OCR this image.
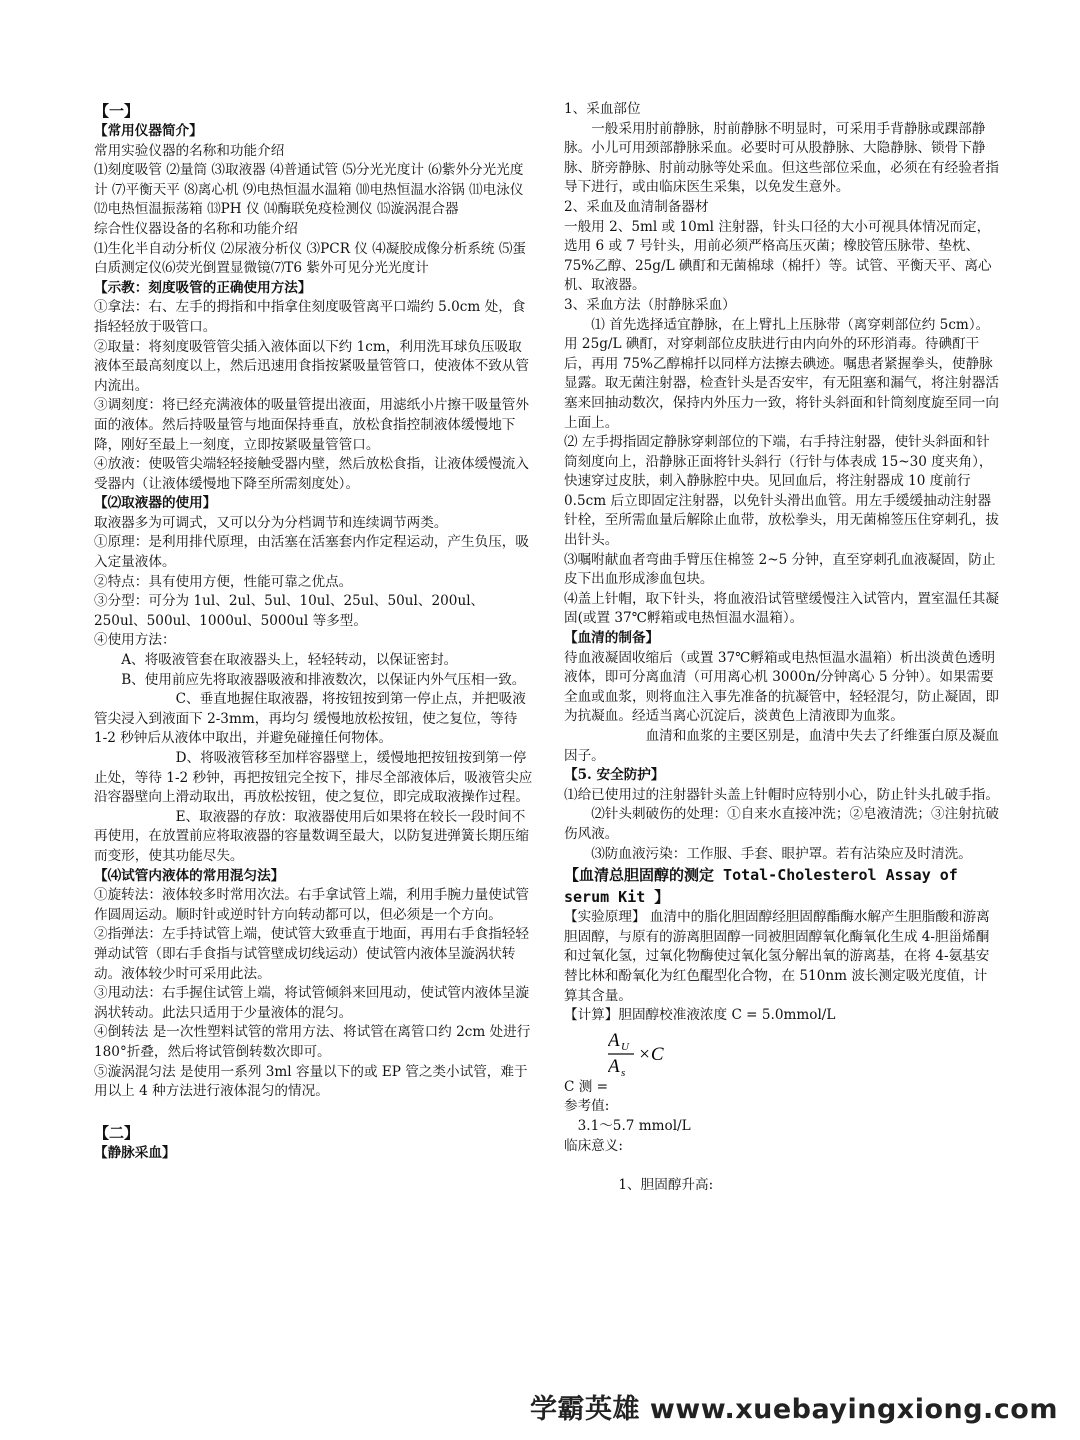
【一】

【常用仪器简介】

常用实验仪器的名称和功能介绍

⑴刻度吸管 ⑵量筒 ⑶取液器 ⑷普通试管 ⑸分光光度计 ⑹紫外分光光度计 ⑺平衡天平 ⑻离心机 ⑼电热恒温水温箱 ⑽电热恒温水浴锅 ⑾电泳仪 ⑿电热恒温振荡箱 ⒀PH 仪 ⒁酶联免疫检测仪 ⒂漩涡混合器

综合性仪器设备的名称和功能介绍

⑴生化半自动分析仪 ⑵尿液分析仪 ⑶PCR 仪 ⑷凝胶成像分析系统 ⑸蛋白质测定仪⑹荧光倒置显微镜⑺T6 紫外可见分光光度计

【示教：刻度吸管的正确使用方法】

①拿法：右、左手的拇指和中指拿住刻度吸管离平口端约 5.0cm 处，食指轻轻放于吸管口。

②取量：将刻度吸管管尖插入液体面以下约 1cm，利用洗耳球负压吸取液体至最高刻度以上，然后迅速用食指按紧吸量管管口，使液体不致从管内流出。

③调刻度：将已经充满液体的吸量管提出液面，用滤纸小片擦干吸量管外面的液体。然后持吸量管与地面保持垂直，放松食指控制液体缓慢地下降，刚好至最上一刻度，立即按紧吸量管管口。

④放液：使吸管尖端轻轻接触受器内壁，然后放松食指，让液体缓慢流入受器内（让液体缓慢地下降至所需刻度处）。

【⑵取液器的使用】

取液器多为可调式，又可以分为分档调节和连续调节两类。

①原理：是利用排代原理，由活塞在活塞套内作定程运动，产生负压，吸入定量液体。

②特点：具有使用方便，性能可靠之优点。

③分型：可分为 1ul、2ul、5ul、10ul、25ul、50ul、200ul、250ul、500ul、1000ul、5000ul 等多型。

④使用方法：

A、将吸液管套在取液器头上，轻轻转动，以保证密封。

B、使用前应先将取液器吸液和排液数次，以保证内外气压相一致。

C、垂直地握住取液器，将按钮按到第一停止点，并把吸液管尖浸入到液面下 2-3mm，再均匀 缓慢地放松按钮，使之复位，等待 1-2 秒钟后从液体中取出，并避免碰撞任何物体。

D、将吸液管移至加样容器壁上，缓慢地把按钮按到第一停止处，等待 1-2 秒钟，再把按钮完全按下，排尽全部液体后，吸液管尖应沿容器壁向上滑动取出，再放松按钮，使之复位，即完成取液操作过程。

E、取液器的存放：取液器使用后如果将在较长一段时间不再使用，在放置前应将取液器的容量数调至最大，以防复进弹簧长期压缩而变形，使其功能尽失。

【⑷试管内液体的常用混匀法】

①旋转法：液体较多时常用次法。右手拿试管上端，利用手腕力量使试管作圆周运动。顺时针或逆时针方向转动都可以，但必须是一个方向。

②指弹法：左手持试管上端，使试管大致垂直于地面，再用右手食指轻轻弹动试管（即右手食指与试管壁成切线运动）使试管内液体呈漩涡状转动。液体较少时可采用此法。

③甩动法：右手握住试管上端，将试管倾斜来回甩动，使试管内液体呈漩涡状转动。此法只适用于少量液体的混匀。

④倒转法 是一次性塑料试管的常用方法、将试管在离管口约 2cm 处进行 180°折叠，然后将试管倒转数次即可。

⑤漩涡混匀法 是使用一系列 3ml 容量以下的或 EP 管之类小试管，难于用以上 4 种方法进行液体混匀的情况。

【二】

【静脉采血】

1、采血部位

一般采用肘前静脉，肘前静脉不明显时，可采用手背静脉或踝部静脉。小儿可用颈部静脉采血。必要时可从股静脉、大隐静脉、锁骨下静脉、脐旁静脉、肘前动脉等处采血。但这些部位采血，必须在有经验者指导下进行，或由临床医生采集，以免发生意外。

2、采血及血清制备器材

一般用 2、5ml 或 10ml 注射器，针头口径的大小可视具体情况而定，选用 6 或 7 号针头，用前必须严格高压灭菌；橡胶管压脉带、垫枕、75%乙醇、25g/L 碘酊和无菌棉球（棉扦）等。试管、平衡天平、离心机、取液器。

3、采血方法（肘静脉采血）

⑴ 首先选择适宜静脉，在上臂扎上压脉带（离穿刺部位约 5cm）。用 25g/L 碘酊，对穿刺部位皮肤进行由内向外的环形消毒。待碘酊干后，再用 75%乙醇棉扦以同样方法擦去碘迹。嘱患者紧握拳头，使静脉显露。取无菌注射器，检查针头是否安牢，有无阻塞和漏气，将注射器活塞来回抽动数次，保持内外压力一致，将针头斜面和针筒刻度旋至同一向上面上。

⑵ 左手拇指固定静脉穿刺部位的下端，右手持注射器，使针头斜面和针筒刻度向上，沿静脉正面将针头斜行（行针与体表成 15~30 度夹角），快速穿过皮肤，刺入静脉腔中央。见回血后，将注射器成 10 度前行 0.5cm 后立即固定注射器，以免针头滑出血管。用左手缓缓抽动注射器针栓，至所需血量后解除止血带，放松拳头，用无菌棉签压住穿刺孔，拔出针头。

⑶嘱咐献血者弯曲手臂压住棉签 2~5 分钟，直至穿刺孔血液凝固，防止皮下出血形成渗血包块。

⑷盖上针帽，取下针头，将血液沿试管壁缓慢注入试管内，置室温任其凝固(或置 37℃孵箱或电热恒温水温箱）。

【血清的制备】

待血液凝固收缩后（或置 37℃孵箱或电热恒温水温箱）析出淡黄色透明液体，即可分离血清（可用离心机 3000n/分钟离心 5 分钟）。如果需要全血或血浆，则将血注入事先准备的抗凝管中，轻轻混匀，防止凝固，即为抗凝血。经适当离心沉淀后，淡黄色上清液即为血浆。

血清和血浆的主要区别是，血清中失去了纤维蛋白原及凝血因子。

【5. 安全防护】

⑴给已使用过的注射器针头盖上针帽时应特别小心，防止针头扎破手指。

⑵针头刺破伤的处理：①自来水直接冲洗；②皂液清洗；③注射抗破伤风液。

⑶防血液污染：工作服、手套、眼护罩。若有沾染应及时清洗。

【血清总胆固醇的测定 Total-Cholesterol Assay of serum Kit 】

【实验原理】 血清中的脂化胆固醇经胆固醇酯酶水解产生胆脂酸和游离胆固醇，与原有的游离胆固醇一同被胆固醇氧化酶氧化生成 4-胆甾烯酮和过氧化氢，过氧化物酶使过氧化氢分解出氧的游离基，在将 4-氨基安替比林和酚氧化为红色醌型化合物，在 510nm 波长测定吸光度值，计算其含量。

【计算】胆固醇校准液浓度 C = 5.0mmol/L

A U
A s
×C

C 测 =

参考值:

3.1～5.7 mmol/L

临床意义:

1、胆固醇升高:

学霸英雄 www.xuebayingxiong.com
